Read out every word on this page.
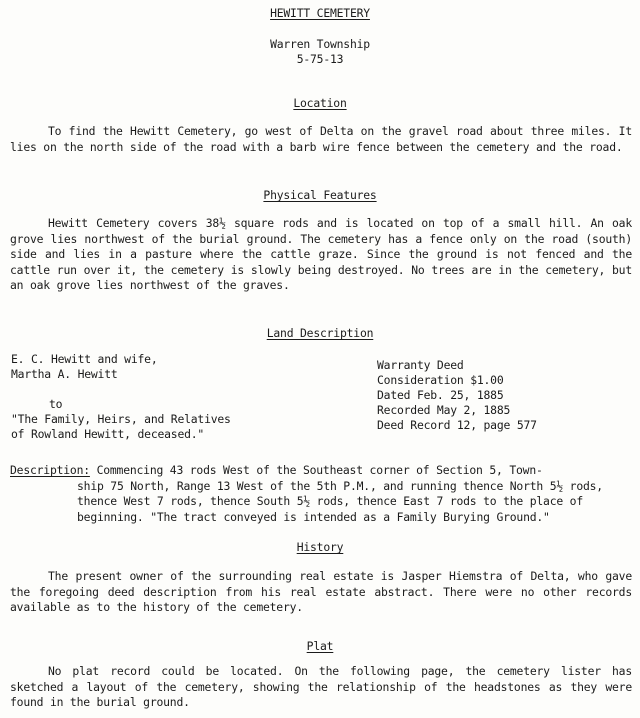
HEWITT CEMETERY
Warren Township
5-75-13
Location
To find the Hewitt Cemetery, go west of Delta on the gravel road about three miles. It lies on the north side of the road with a barb wire fence between the cemetery and the road.
Physical Features
Hewitt Cemetery covers 38½ square rods and is located on top of a small hill. An oak grove lies northwest of the burial ground. The cemetery has a fence only on the road (south) side and lies in a pasture where the cattle graze. Since the ground is not fenced and the cattle run over it, the cemetery is slowly being destroyed. No trees are in the cemetery, but an oak grove lies northwest of the graves.
Land Description
E. C. Hewitt and wife,
Martha A. Hewitt
to
"The Family, Heirs, and Relatives
of Rowland Hewitt, deceased."
Warranty Deed
Consideration $1.00
Dated Feb. 25, 1885
Recorded May 2, 1885
Deed Record 12, page 577
Description: Commencing 43 rods West of the Southeast corner of Section 5, Town-
ship 75 North, Range 13 West of the 5th P.M., and running thence North 5½ rods,
thence West 7 rods, thence South 5½ rods, thence East 7 rods to the place of
beginning. "The tract conveyed is intended as a Family Burying Ground."
History
The present owner of the surrounding real estate is Jasper Hiemstra of Delta, who gave the foregoing deed description from his real estate abstract. There were no other records available as to the history of the cemetery.
Plat
No plat record could be located. On the following page, the cemetery lister has sketched a layout of the cemetery, showing the relationship of the headstones as they were found in the burial ground.
